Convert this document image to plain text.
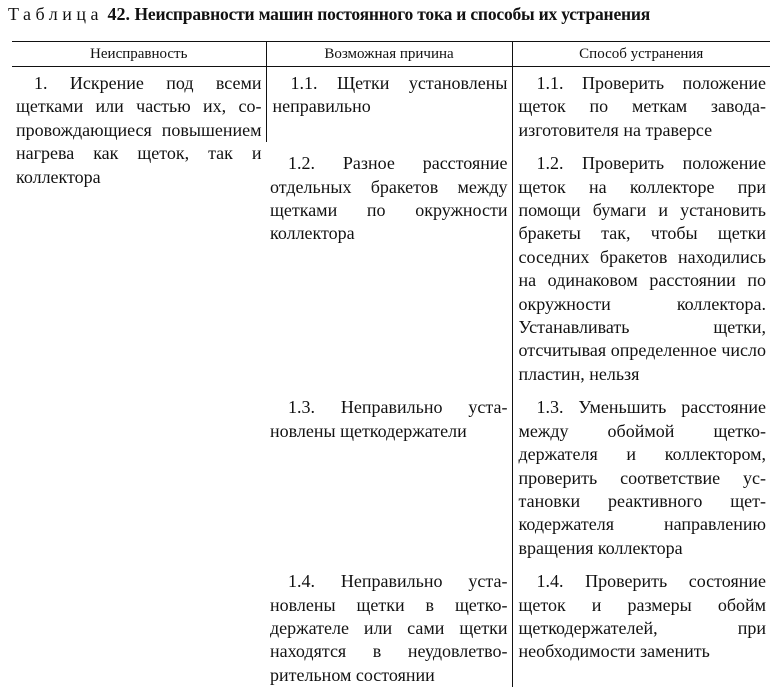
Таблица 42. Неисправности машин постоянного тока и способы их устранения
Неисправность	Возможная причина	Способ устранения

1. Искрение под всеми щетками или частью их, сопровождающиеся повышением нагрева как щеток, так и коллектора	1.1. Щетки установлены неправильно	1.1. Проверить положение щеток по меткам завода-изготовителя на траверсе

	1.2. Разное расстояние отдельных бракетов между щетками по окружности коллектора	1.2. Проверить положение щеток на коллекторе при помощи бумаги и установить бракеты так, чтобы щетки соседних бракетов находились на одинаковом расстоянии по окружности коллектора. Устанавливать щетки, отсчитывая определенное число пластин, нельзя

	1.3. Неправильно установлены щеткодержатели	1.3. Уменьшить расстояние между обоймой щеткодержателя и коллектором, проверить соответствие установки реактивного щеткодержателя направлению вращения коллектора

	1.4. Неправильно установлены щетки в щеткодержателе или сами щетки находятся в неудовлетворительном состоянии	1.4. Проверить состояние щеток и размеры обойм щеткодержателей, при необходимости заменить
